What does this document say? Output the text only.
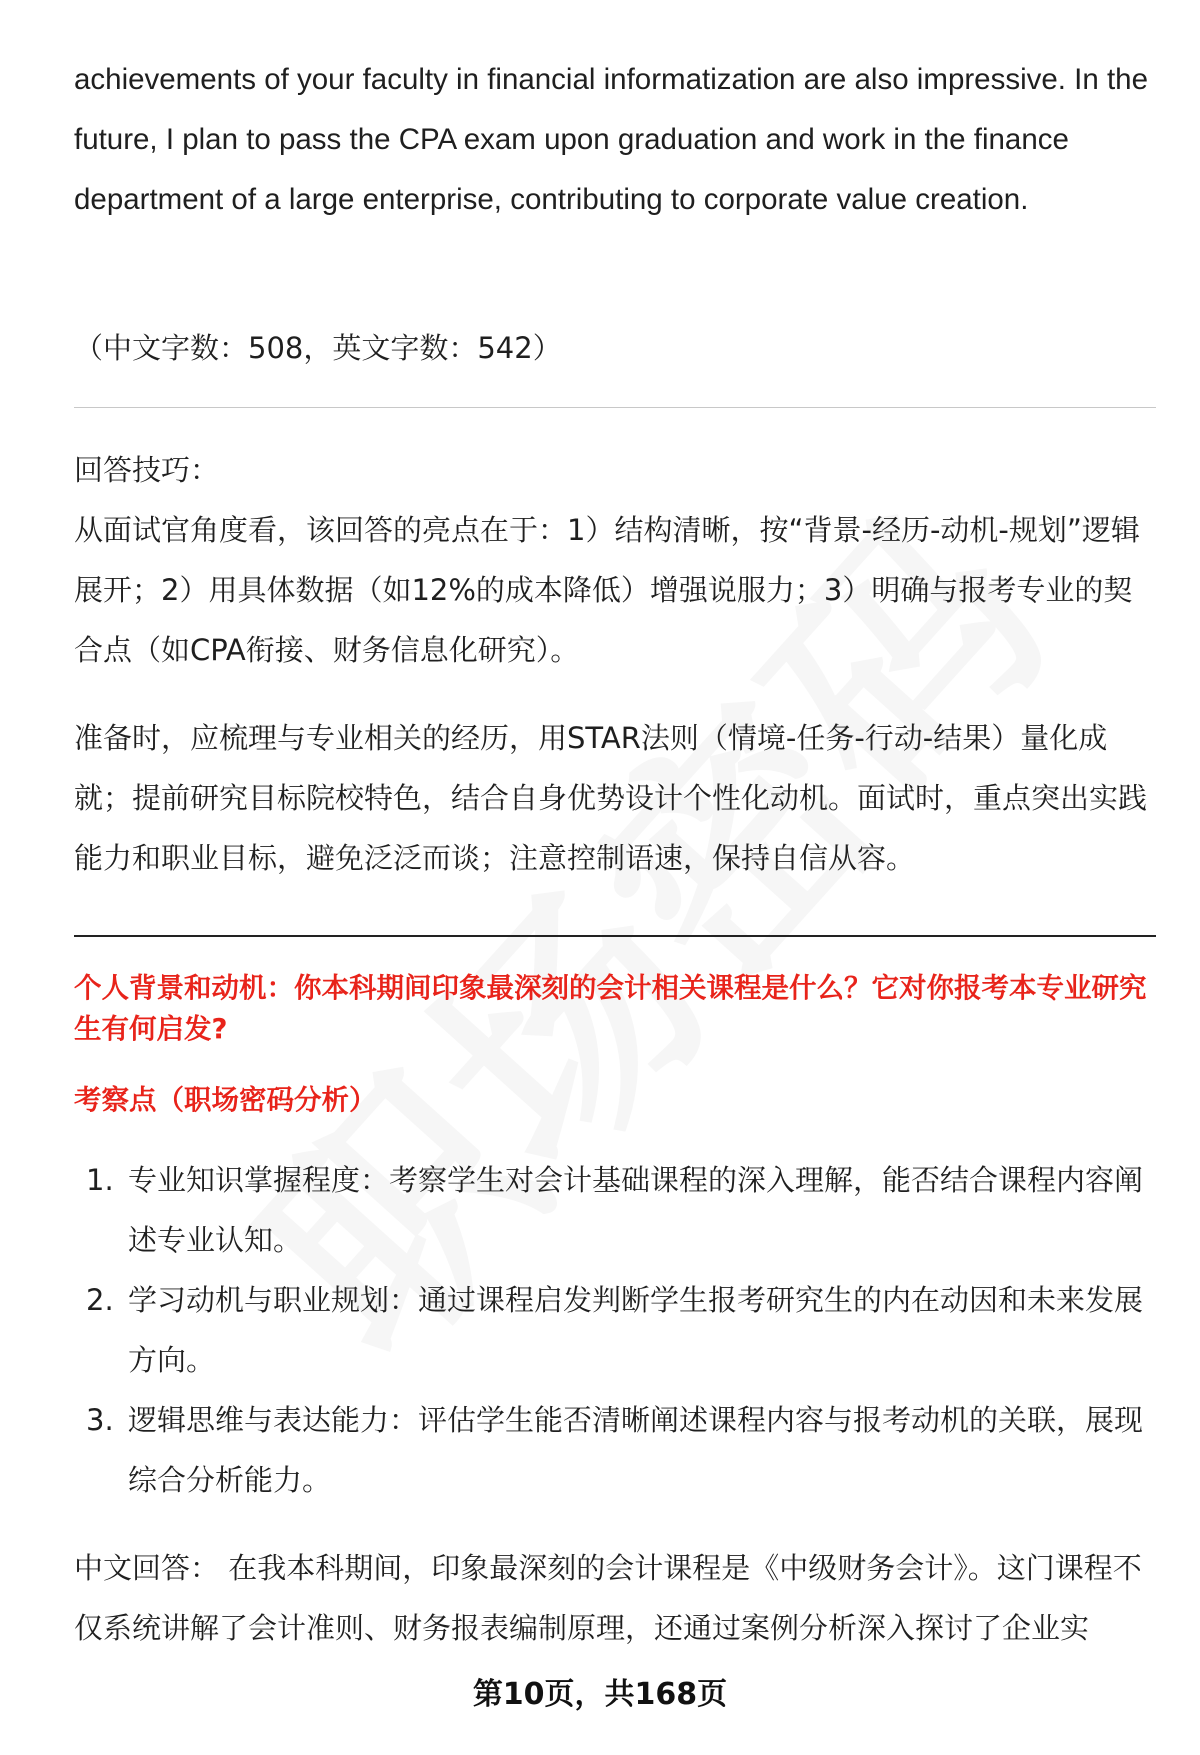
achievements of your faculty in financial informatization are also impressive. In the future, I plan to pass the CPA exam upon graduation and work in the finance department of a large enterprise, contributing to corporate value creation.

（中文字数：508，英文字数：542）

回答技巧：

从面试官角度看，该回答的亮点在于：1）结构清晰，按“背景-经历-动机-规划”逻辑展开；2）用具体数据（如12%的成本降低）增强说服力；3）明确与报考专业的契合点（如CPA衔接、财务信息化研究）。

准备时，应梳理与专业相关的经历，用STAR法则（情境-任务-行动-结果）量化成就；提前研究目标院校特色，结合自身优势设计个性化动机。面试时，重点突出实践能力和职业目标，避免泛泛而谈；注意控制语速，保持自信从容。

个人背景和动机：你本科期间印象最深刻的会计相关课程是什么？它对你报考本专业研究生有何启发?

考察点（职场密码分析）

1. 专业知识掌握程度：考察学生对会计基础课程的深入理解，能否结合课程内容阐述专业认知。
2. 学习动机与职业规划：通过课程启发判断学生报考研究生的内在动因和未来发展方向。
3. 逻辑思维与表达能力：评估学生能否清晰阐述课程内容与报考动机的关联，展现综合分析能力。

中文回答： 在我本科期间，印象最深刻的会计课程是《中级财务会计》。这门课程不仅系统讲解了会计准则、财务报表编制原理，还通过案例分析深入探讨了企业实

第10页，共168页
